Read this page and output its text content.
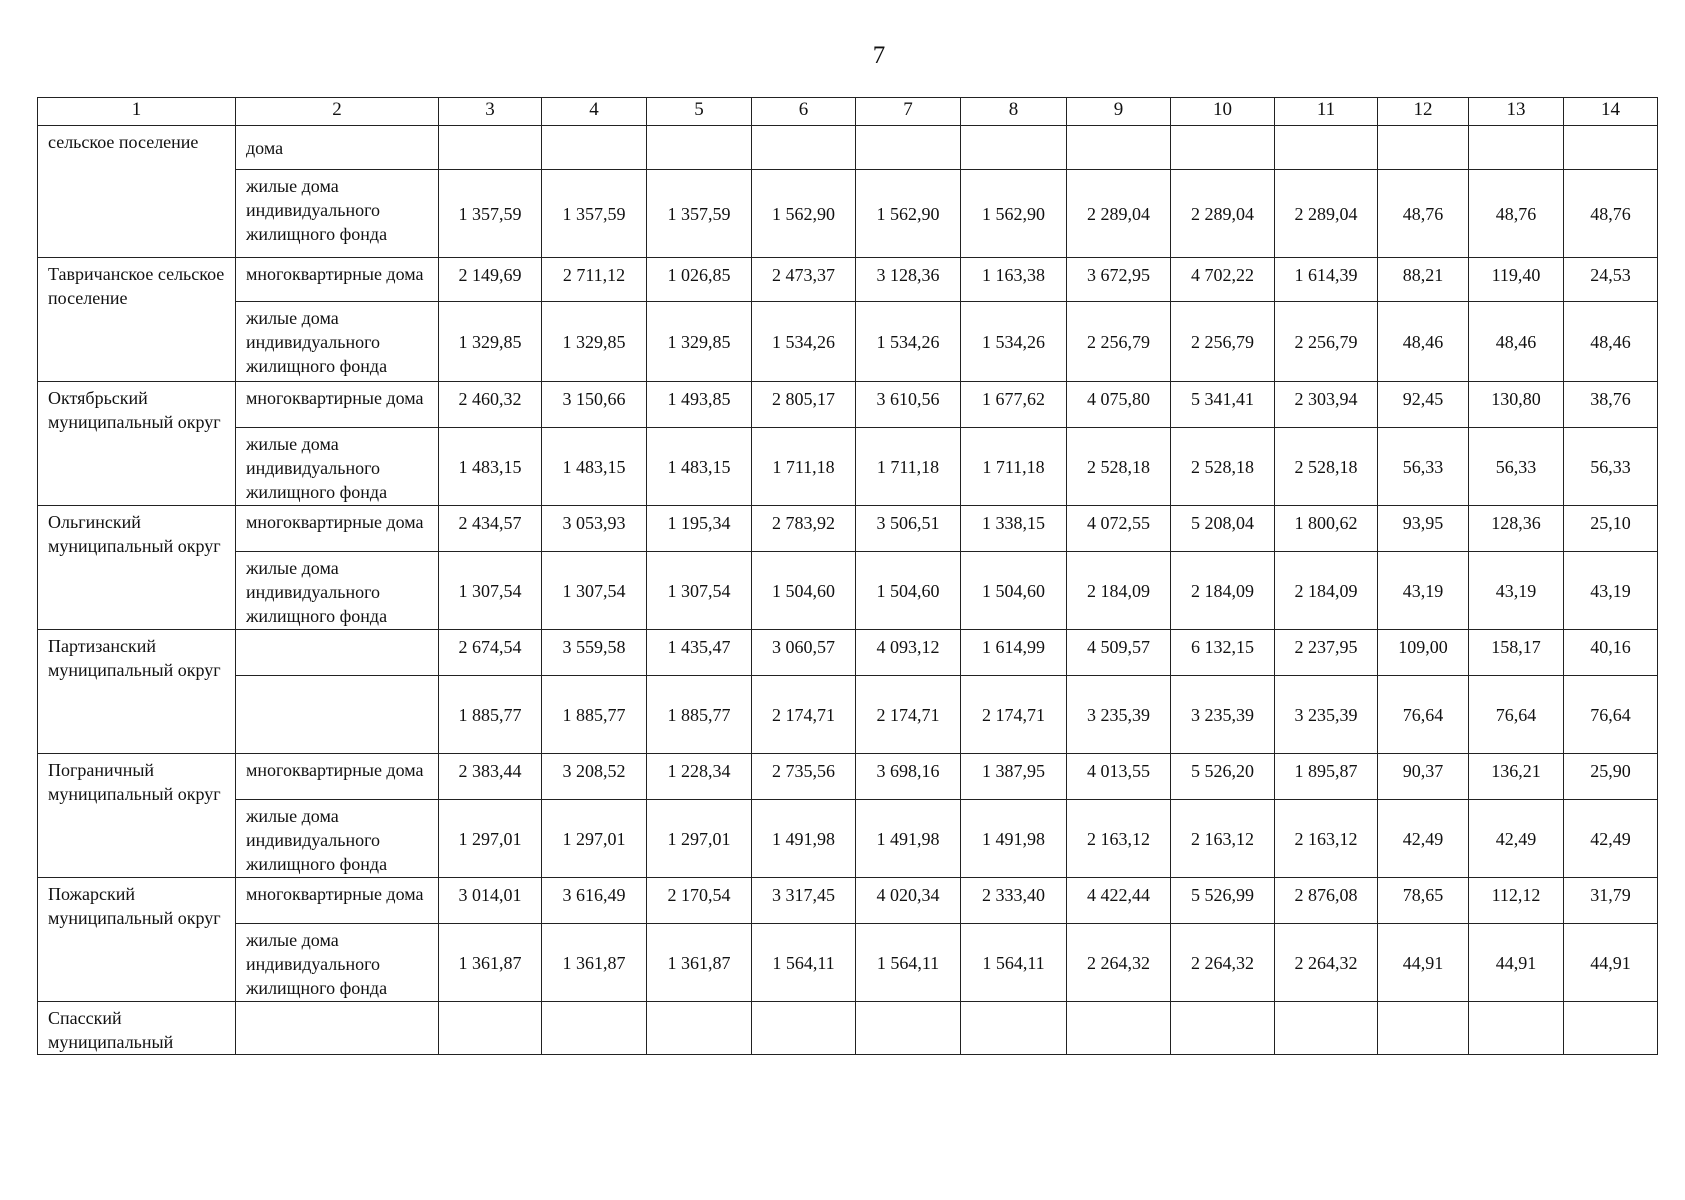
7
1	2	3	4	5	6	7	8	9	10	11	12	13	14
сельское поселение	дома												
	жилые дома индивидуального жилищного фонда	1 357,59	1 357,59	1 357,59	1 562,90	1 562,90	1 562,90	2 289,04	2 289,04	2 289,04	48,76	48,76	48,76
Тавричанское сельское поселение	многоквартирные дома	2 149,69	2 711,12	1 026,85	2 473,37	3 128,36	1 163,38	3 672,95	4 702,22	1 614,39	88,21	119,40	24,53
	жилые дома индивидуального жилищного фонда	1 329,85	1 329,85	1 329,85	1 534,26	1 534,26	1 534,26	2 256,79	2 256,79	2 256,79	48,46	48,46	48,46
Октябрьский муниципальный округ	многоквартирные дома	2 460,32	3 150,66	1 493,85	2 805,17	3 610,56	1 677,62	4 075,80	5 341,41	2 303,94	92,45	130,80	38,76
	жилые дома индивидуального жилищного фонда	1 483,15	1 483,15	1 483,15	1 711,18	1 711,18	1 711,18	2 528,18	2 528,18	2 528,18	56,33	56,33	56,33
Ольгинский муниципальный округ	многоквартирные дома	2 434,57	3 053,93	1 195,34	2 783,92	3 506,51	1 338,15	4 072,55	5 208,04	1 800,62	93,95	128,36	25,10
	жилые дома индивидуального жилищного фонда	1 307,54	1 307,54	1 307,54	1 504,60	1 504,60	1 504,60	2 184,09	2 184,09	2 184,09	43,19	43,19	43,19
Партизанский муниципальный округ		2 674,54	3 559,58	1 435,47	3 060,57	4 093,12	1 614,99	4 509,57	6 132,15	2 237,95	109,00	158,17	40,16
		1 885,77	1 885,77	1 885,77	2 174,71	2 174,71	2 174,71	3 235,39	3 235,39	3 235,39	76,64	76,64	76,64
Пограничный муниципальный округ	многоквартирные дома	2 383,44	3 208,52	1 228,34	2 735,56	3 698,16	1 387,95	4 013,55	5 526,20	1 895,87	90,37	136,21	25,90
	жилые дома индивидуального жилищного фонда	1 297,01	1 297,01	1 297,01	1 491,98	1 491,98	1 491,98	2 163,12	2 163,12	2 163,12	42,49	42,49	42,49
Пожарский муниципальный округ	многоквартирные дома	3 014,01	3 616,49	2 170,54	3 317,45	4 020,34	2 333,40	4 422,44	5 526,99	2 876,08	78,65	112,12	31,79
	жилые дома индивидуального жилищного фонда	1 361,87	1 361,87	1 361,87	1 564,11	1 564,11	1 564,11	2 264,32	2 264,32	2 264,32	44,91	44,91	44,91
Спасский муниципальный													
